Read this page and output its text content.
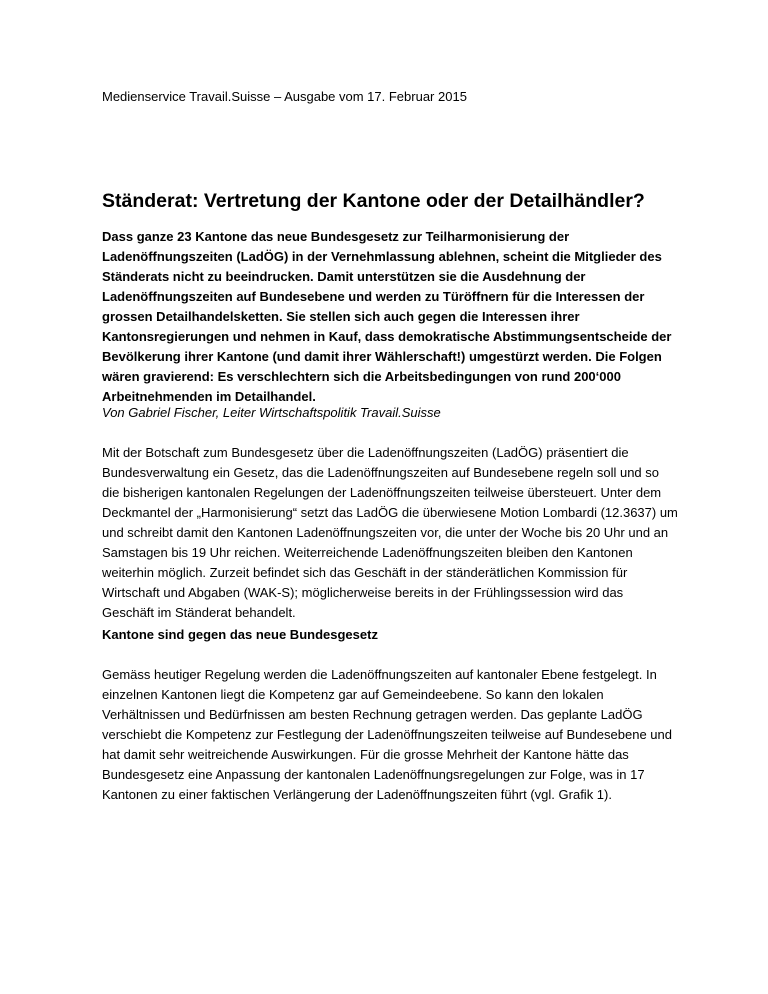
Medienservice Travail.Suisse – Ausgabe vom 17. Februar 2015
Ständerat: Vertretung der Kantone oder der Detailhändler?

Dass ganze 23 Kantone das neue Bundesgesetz zur Teilharmonisierung der Ladenöffnungszeiten (LadÖG) in der Vernehmlassung ablehnen, scheint die Mitglieder des Ständerats nicht zu beeindrucken. Damit unterstützen sie die Ausdehnung der Ladenöffnungszeiten auf Bundesebene und werden zu Türöffnern für die Interessen der grossen Detailhandelsketten. Sie stellen sich auch gegen die Interessen ihrer Kantonsregierungen und nehmen in Kauf, dass demokratische Abstimmungsentscheide der Bevölkerung ihrer Kantone (und damit ihrer Wählerschaft!) umgestürzt werden. Die Folgen wären gravierend: Es verschlechtern sich die Arbeitsbedingungen von rund 200‘000 Arbeitnehmenden im Detailhandel.

Von Gabriel Fischer, Leiter Wirtschaftspolitik Travail.Suisse

Mit der Botschaft zum Bundesgesetz über die Ladenöffnungszeiten (LadÖG) präsentiert die Bundesverwaltung ein Gesetz, das die Ladenöffnungszeiten auf Bundesebene regeln soll und so die bisherigen kantonalen Regelungen der Ladenöffnungszeiten teilweise übersteuert. Unter dem Deckmantel der „Harmonisierung“ setzt das LadÖG die überwiesene Motion Lombardi (12.3637) um und schreibt damit den Kantonen Ladenöffnungszeiten vor, die unter der Woche bis 20 Uhr und an Samstagen bis 19 Uhr reichen. Weiterreichende Ladenöffnungszeiten bleiben den Kantonen weiterhin möglich. Zurzeit befindet sich das Geschäft in der ständerätlichen Kommission für Wirtschaft und Abgaben (WAK-S); möglicherweise bereits in der Frühlingssession wird das Geschäft im Ständerat behandelt.

Kantone sind gegen das neue Bundesgesetz

Gemäss heutiger Regelung werden die Ladenöffnungszeiten auf kantonaler Ebene festgelegt. In einzelnen Kantonen liegt die Kompetenz gar auf Gemeindeebene. So kann den lokalen Verhältnissen und Bedürfnissen am besten Rechnung getragen werden. Das geplante LadÖG verschiebt die Kompetenz zur Festlegung der Ladenöffnungszeiten teilweise auf Bundesebene und hat damit sehr weitreichende Auswirkungen. Für die grosse Mehrheit der Kantone hätte das Bundesgesetz eine Anpassung der kantonalen Ladenöffnungsregelungen zur Folge, was in 17 Kantonen zu einer faktischen Verlängerung der Ladenöffnungszeiten führt (vgl. Grafik 1).
